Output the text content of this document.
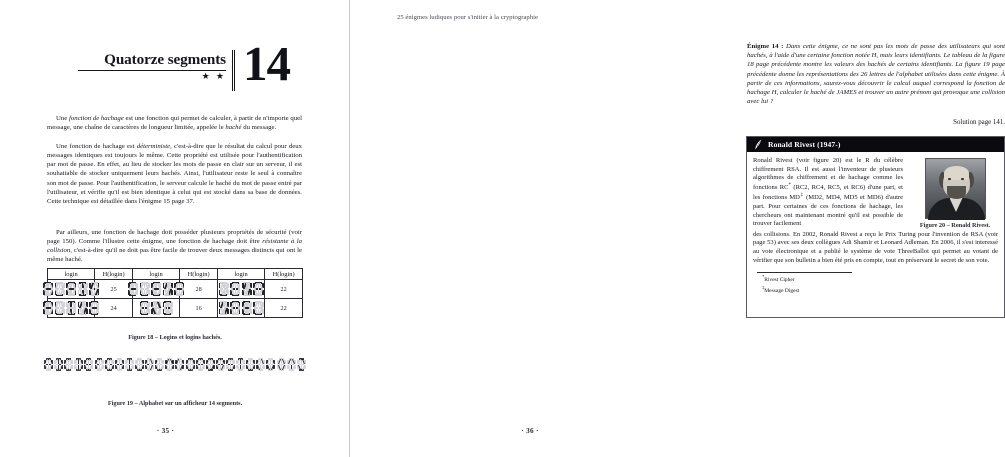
Quatorze segments
★ ★ 14

Une fonction de hachage est une fonction qui permet de calculer, à partir de n'importe quel message, une chaîne de caractères de longueur limitée, appelée le haché du message.

Une fonction de hachage est déterministe, c'est-à-dire que le résultat du calcul pour deux messages identiques est toujours le même. Cette propriété est utilisée pour l'authentification par mot de passe. En effet, au lieu de stocker les mots de passe en clair sur un serveur, il est souhaitable de stocker uniquement leurs hachés. Ainsi, l'utilisateur reste le seul à connaître son mot de passe. Pour l'authentification, le serveur calcule le haché du mot de passe entré par l'utilisateur, et vérifie qu'il est bien identique à celui qui est stocké dans sa base de données. Cette technique est détaillée dans l'énigme 15 page 37.

Par ailleurs, une fonction de hachage doit posséder plusieurs propriétés de sécurité (voir page 150). Comme l'illustre cette énigme, une fonction de hachage doit être résistante à la collision, c'est-à-dire qu'il ne doit pas être facile de trouver deux messages distincts qui ont le même haché.

login	H(login)	login	H(login)	login	H(login)

	25		28		22

	24		16		22
Figure 18 – Logins et logins hachés.
Figure 19 – Alphabet sur un afficheur 14 segments.
· 35 ·
25 énigmes ludiques pour s'initier à la cryptographie
Énigme 14 : Dans cette énigme, ce ne sont pas les mots de passe des utilisateurs qui sont hachés, à l'aide d'une certaine fonction notée H, mais leurs identifiants. Le tableau de la figure 18 page précédente montre les valeurs des hachés de certains identifiants. La figure 19 page précédente donne les représentations des 26 lettres de l'alphabet utilisées dans cette énigme. À partir de ces informations, saurez-vous découvrir le calcul auquel correspond la fonction de hachage H, calculer le haché de JAMES et trouver un autre prénom qui provoque une collision avec lui ?
Solution page 141.
Ronald Rivest (1947-)
Figure 20 – Ronald Rivest.

Ronald Rivest (voir figure 20) est le R du célèbre chiffrement RSA. Il est aussi l'inventeur de plusieurs algorithmes de chiffrement et de hachage comme les fonctions RC* (RC2, RC4, RC5, et RC6) d'une part, et les fonctions MD‡ (MD2, MD4, MD5 et MD6) d'autre part. Pour certaines de ces fonctions de hachage, les chercheurs ont maintenant montré qu'il est possible de trouver facilement

des collisions. En 2002, Ronald Rivest a reçu le Prix Turing pour l'invention de RSA (voir page 53) avec ses deux collègues Adi Shamir et Leonard Adleman. En 2006, il s'est interessé au vote électronique et a publié le système de vote ThreeBallot qui permet au votant de vérifier que son bulletin a bien été pris en compte, tout en préservant le secret de son vote.

*Rivest Cipher
‡Message Digest
· 36 ·
